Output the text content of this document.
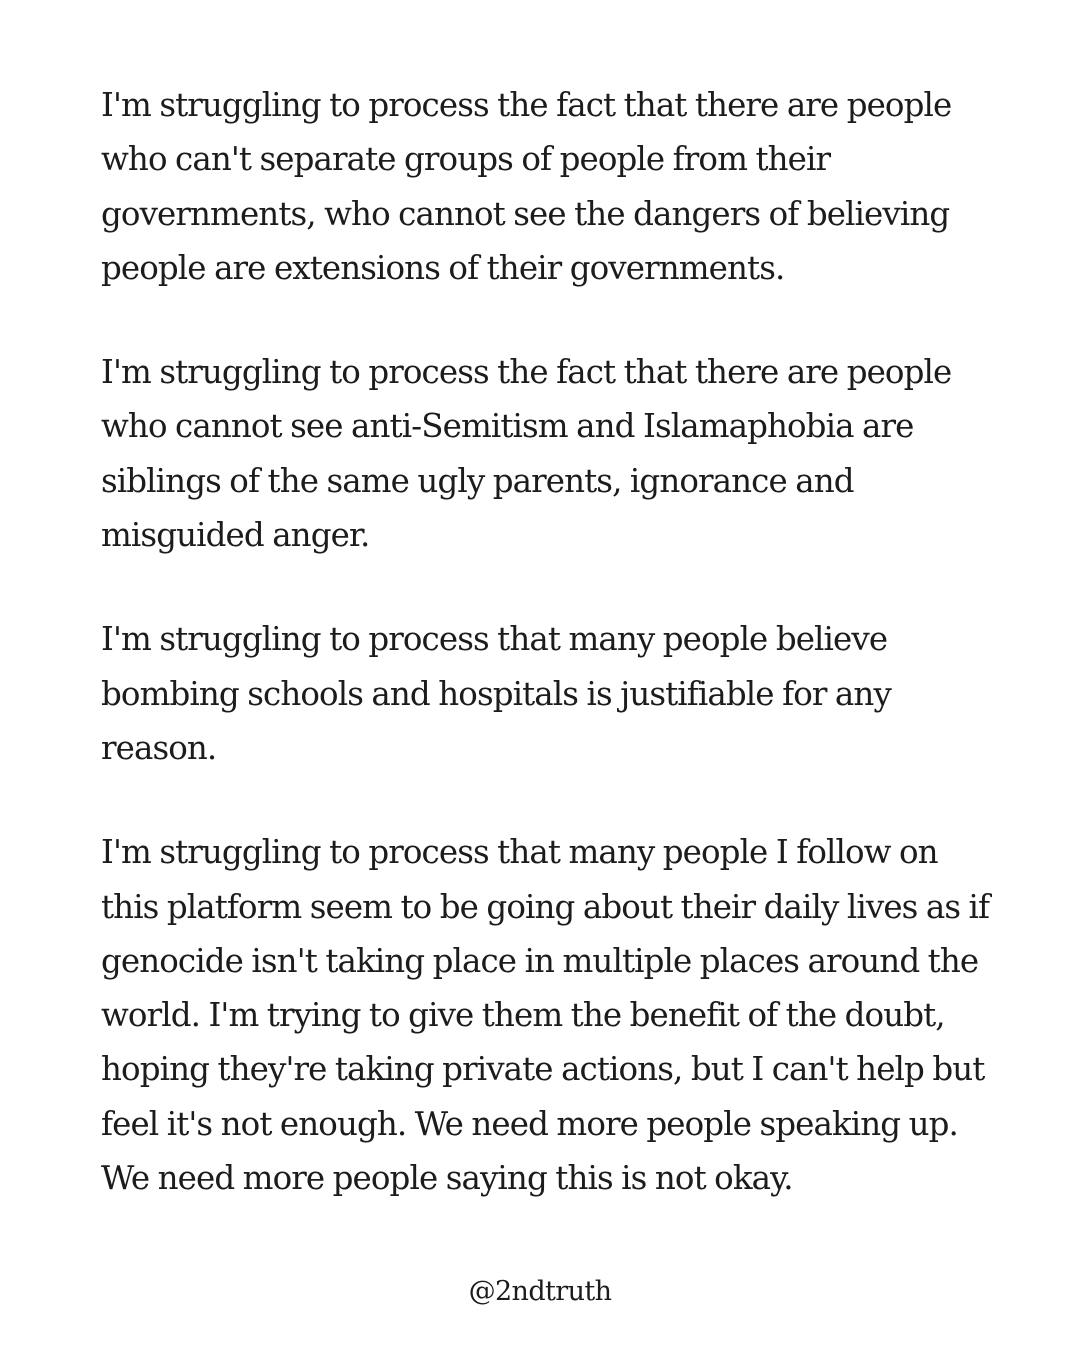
I'm struggling to process the fact that there are people who can't separate groups of people from their governments, who cannot see the dangers of believing people are extensions of their governments.

I'm struggling to process the fact that there are people who cannot see anti-Semitism and Islamaphobia are siblings of the same ugly parents, ignorance and misguided anger.

I'm struggling to process that many people believe bombing schools and hospitals is justifiable for any reason.

I'm struggling to process that many people I follow on this platform seem to be going about their daily lives as if genocide isn't taking place in multiple places around the world. I'm trying to give them the benefit of the doubt, hoping they're taking private actions, but I can't help but feel it's not enough. We need more people speaking up. We need more people saying this is not okay.

@2ndtruth
